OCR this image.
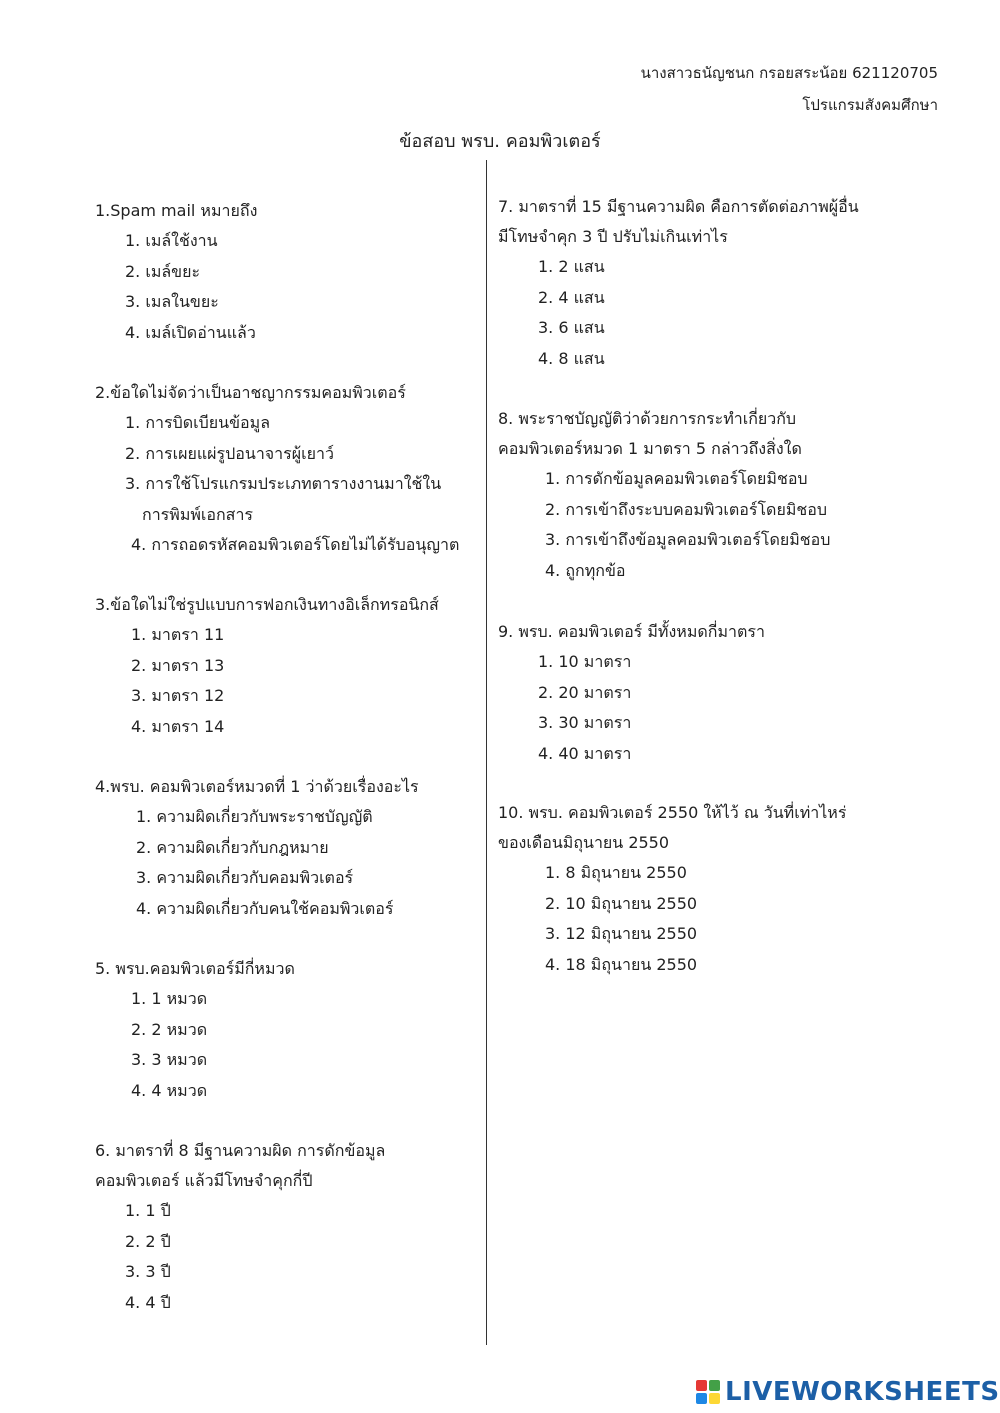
นางสาวธนัญชนก กรอยสระน้อย 621120705
โปรแกรมสังคมศึกษา
ข้อสอบ พรบ. คอมพิวเตอร์
1.Spam mail หมายถึง
1. เมล์ใช้งาน
2. เมล์ขยะ
3. เมลในขยะ
4. เมล์เปิดอ่านแล้ว
2.ข้อใดไม่จัดว่าเป็นอาชญากรรมคอมพิวเตอร์
1. การบิดเบียนข้อมูล
2. การเผยแผ่รูปอนาจารผู้เยาว์
3. การใช้โปรแกรมประเภทตารางงานมาใช้ใน
การพิมพ์เอกสาร
4. การถอดรหัสคอมพิวเตอร์โดยไม่ได้รับอนุญาต
3.ข้อใดไม่ใช่รูปแบบการฟอกเงินทางอิเล็กทรอนิกส์
1. มาตรา 11
2. มาตรา 13
3. มาตรา 12
4. มาตรา 14
4.พรบ. คอมพิวเตอร์หมวดที่ 1 ว่าด้วยเรื่องอะไร
1. ความผิดเกี่ยวกับพระราชบัญญัติ
2. ความผิดเกี่ยวกับกฎหมาย
3. ความผิดเกี่ยวกับคอมพิวเตอร์
4. ความผิดเกี่ยวกับคนใช้คอมพิวเตอร์
5. พรบ.คอมพิวเตอร์มีกี่หมวด
1. 1 หมวด
2. 2 หมวด
3. 3 หมวด
4. 4 หมวด
6. มาตราที่ 8 มีฐานความผิด การดักข้อมูล
คอมพิวเตอร์ แล้วมีโทษจำคุกกี่ปี
1. 1 ปี
2. 2 ปี
3. 3 ปี
4. 4 ปี
7. มาตราที่ 15 มีฐานความผิด คือการตัดต่อภาพผู้อื่น
มีโทษจำคุก 3 ปี ปรับไม่เกินเท่าไร
1. 2 แสน
2. 4 แสน
3. 6 แสน
4. 8 แสน
8. พระราชบัญญัติว่าด้วยการกระทำเกี่ยวกับ
คอมพิวเตอร์หมวด 1 มาตรา 5 กล่าวถึงสิ่งใด
1. การดักข้อมูลคอมพิวเตอร์โดยมิชอบ
2. การเข้าถึงระบบคอมพิวเตอร์โดยมิชอบ
3. การเข้าถึงข้อมูลคอมพิวเตอร์โดยมิชอบ
4. ถูกทุกข้อ
9. พรบ. คอมพิวเตอร์ มีทั้งหมดกี่มาตรา
1. 10 มาตรา
2. 20 มาตรา
3. 30 มาตรา
4. 40 มาตรา
10. พรบ. คอมพิวเตอร์ 2550 ให้ไว้ ณ วันที่เท่าไหร่
ของเดือนมิถุนายน 2550
1. 8 มิถุนายน 2550
2. 10 มิถุนายน 2550
3. 12 มิถุนายน 2550
4. 18 มิถุนายน 2550
LIVEWORKSHEETS
